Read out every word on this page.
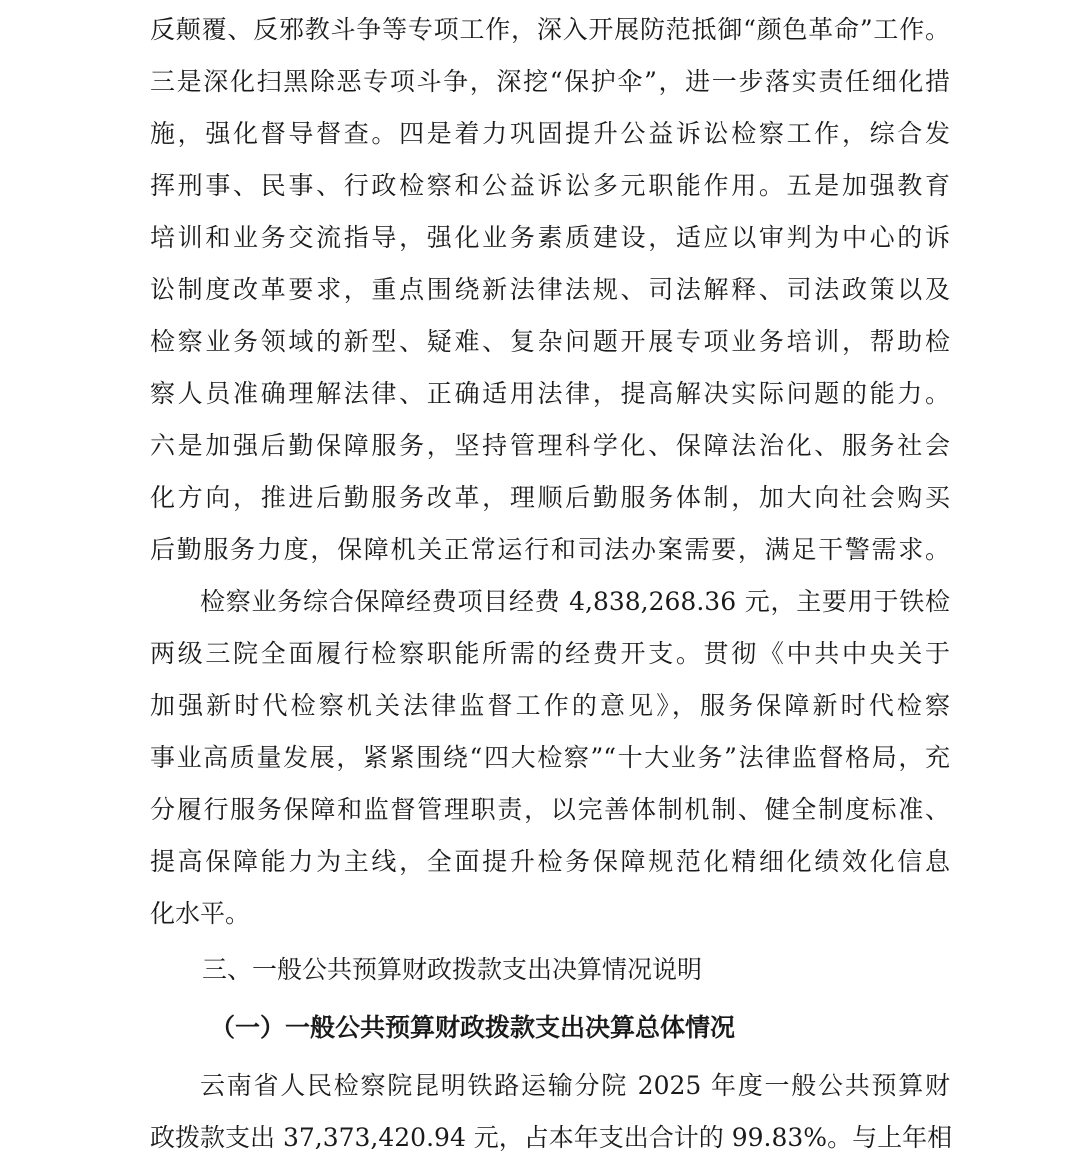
反颠覆、反邪教斗争等专项工作，深入开展防范抵御“颜色革命”工作。
三是深化扫黑除恶专项斗争，深挖“保护伞”，进一步落实责任细化措
施，强化督导督查。四是着力巩固提升公益诉讼检察工作，综合发
挥刑事、民事、行政检察和公益诉讼多元职能作用。五是加强教育
培训和业务交流指导，强化业务素质建设，适应以审判为中心的诉
讼制度改革要求，重点围绕新法律法规、司法解释、司法政策以及
检察业务领域的新型、疑难、复杂问题开展专项业务培训，帮助检
察人员准确理解法律、正确适用法律，提高解决实际问题的能力。
六是加强后勤保障服务，坚持管理科学化、保障法治化、服务社会
化方向，推进后勤服务改革，理顺后勤服务体制，加大向社会购买
后勤服务力度，保障机关正常运行和司法办案需要，满足干警需求。
检察业务综合保障经费项目经费 4,838,268.36 元，主要用于铁检
两级三院全面履行检察职能所需的经费开支。贯彻《中共中央关于
加强新时代检察机关法律监督工作的意见》，服务保障新时代检察
事业高质量发展，紧紧围绕“四大检察”“十大业务”法律监督格局，充
分履行服务保障和监督管理职责，以完善体制机制、健全制度标准、
提高保障能力为主线，全面提升检务保障规范化精细化绩效化信息
化水平。
三、一般公共预算财政拨款支出决算情况说明
（一）一般公共预算财政拨款支出决算总体情况
云南省人民检察院昆明铁路运输分院 2025 年度一般公共预算财
政拨款支出 37,373,420.94 元，占本年支出合计的 99.83%。与上年相
